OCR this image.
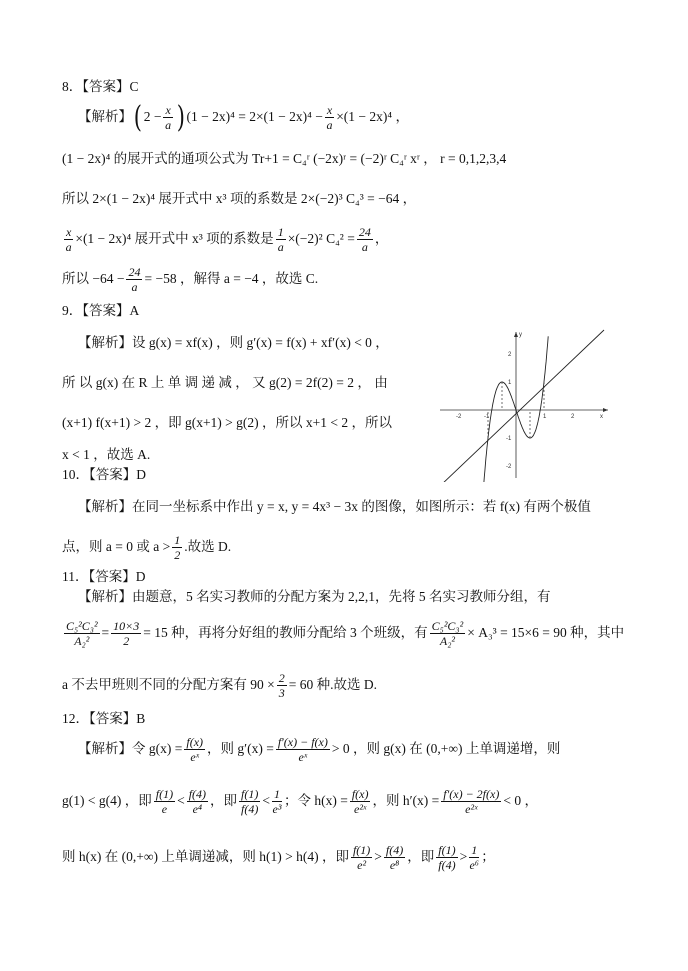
8．【答案】C
【解析】( $2 - \frac{x}{a}$ ) $(1 - 2x)^4 = 2\times(1 - 2x)^4 - \frac{x}{a} \times(1 - 2x)^4$ ，
(1 − 2x)⁴ 的展开式的通项公式为 Tr+1 = C₄ʳ (−2x)ʳ = (−2)ʳ C₄ʳ xʳ ， r = 0,1,2,3,4
所以 2×(1 − 2x)⁴ 展开式中 x³ 项的系数是 2×(−2)³ C₄³ = −64 ，
$\frac{x}{a} \times(1 - 2x)^4$ 展开式中 x³ 项的系数是 $\frac{1}{a} \times(-2)^2$ $C_4^2 = \frac{24}{a}$ ，
所以 $-64 - \frac{24}{a} = -58$ ，解得 a = −4 ，故选 C.
9．【答案】A
【解析】设 g(x) = xf(x) ，则 g′(x) = f(x) + xf′(x) < 0 ，
所 以 g(x) 在 R 上 单 调 递 减 ， 又 g(2) = 2f(2) = 2 ， 由
(x+1) f(x+1) > 2 ，即 g(x+1) > g(2) ，所以 x+1 < 2 ，所以
x < 1 ，故选 A.
x
y
2
1
-1
-2
-2	-1	1	2
10．【答案】D
【解析】在同一坐标系中作出 y = x, y = 4x³ − 3x 的图像，如图所示：若 f(x) 有两个极值
点，则 a = 0 或 $a > \frac{1}{2}$ .故选 D.
11．【答案】D
【解析】由题意，5 名实习教师的分配方案为 2,2,1，先将 5 名实习教师分组，有
$\frac{\text{C₅²C₃²}}{\text{A₂²}} = \frac{10\times 3}{2} = 15$ 种，再将分好组的教师分配给 3 个班级，有 $\frac{\text{C₅²C₃²}}{\text{A₂²}} \times A_3^3 = 15\times 6 = 90$ 种，其中
a 不去甲班则不同的分配方案有 $90 \times \frac{2}{3} = 60$ 种.故选 D.
12．【答案】B
【解析】令 $g(x) = \frac{f(x)}{\text{eˣ}}$ ，则 $g'(x) = \frac{f'(x) - f(x)}{\text{eˣ}} > 0$ ，则 g(x) 在 (0,+∞) 上单调递增，则
g(1) < g(4) ，即 $\frac{f(1)}{e} < \frac{f(4)}{\text{e⁴}}$ ，即 $\frac{f(1)}{f(4)} < \frac{1}{\text{e³}}$ ；令 $h(x) = \frac{f(x)}{\text{e²ˣ}}$ ，则 $h'(x) = \frac{f'(x) - 2f(x)}{\text{e²ˣ}} < 0$ ，
则 h(x) 在 (0,+∞) 上单调递减，则 h(1) > h(4) ，即 $\frac{f(1)}{\text{e²}} > \frac{f(4)}{\text{e⁸}}$ ，即 $\frac{f(1)}{f(4)} > \frac{1}{\text{e⁶}}$ ；
